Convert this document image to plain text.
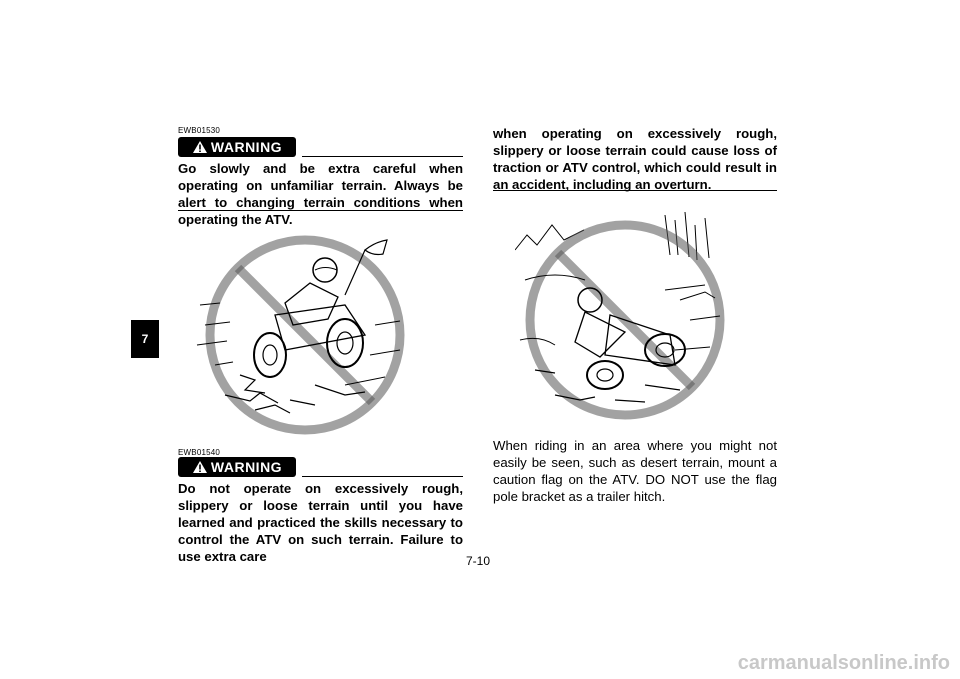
7
EWB01530
WARNING
Go slowly and be extra careful when operating on unfamiliar terrain. Always be alert to changing terrain conditions when operating the ATV.
EWB01540
WARNING
Do not operate on excessively rough, slippery or loose terrain until you have learned and practiced the skills necessary to control the ATV on such terrain. Failure to use extra care
when operating on excessively rough, slippery or loose terrain could cause loss of traction or ATV control, which could result in an accident, including an overturn.
When riding in an area where you might not easily be seen, such as desert terrain, mount a caution flag on the ATV. DO NOT use the flag pole bracket as a trailer hitch.
7-10
carmanualsonline.info
